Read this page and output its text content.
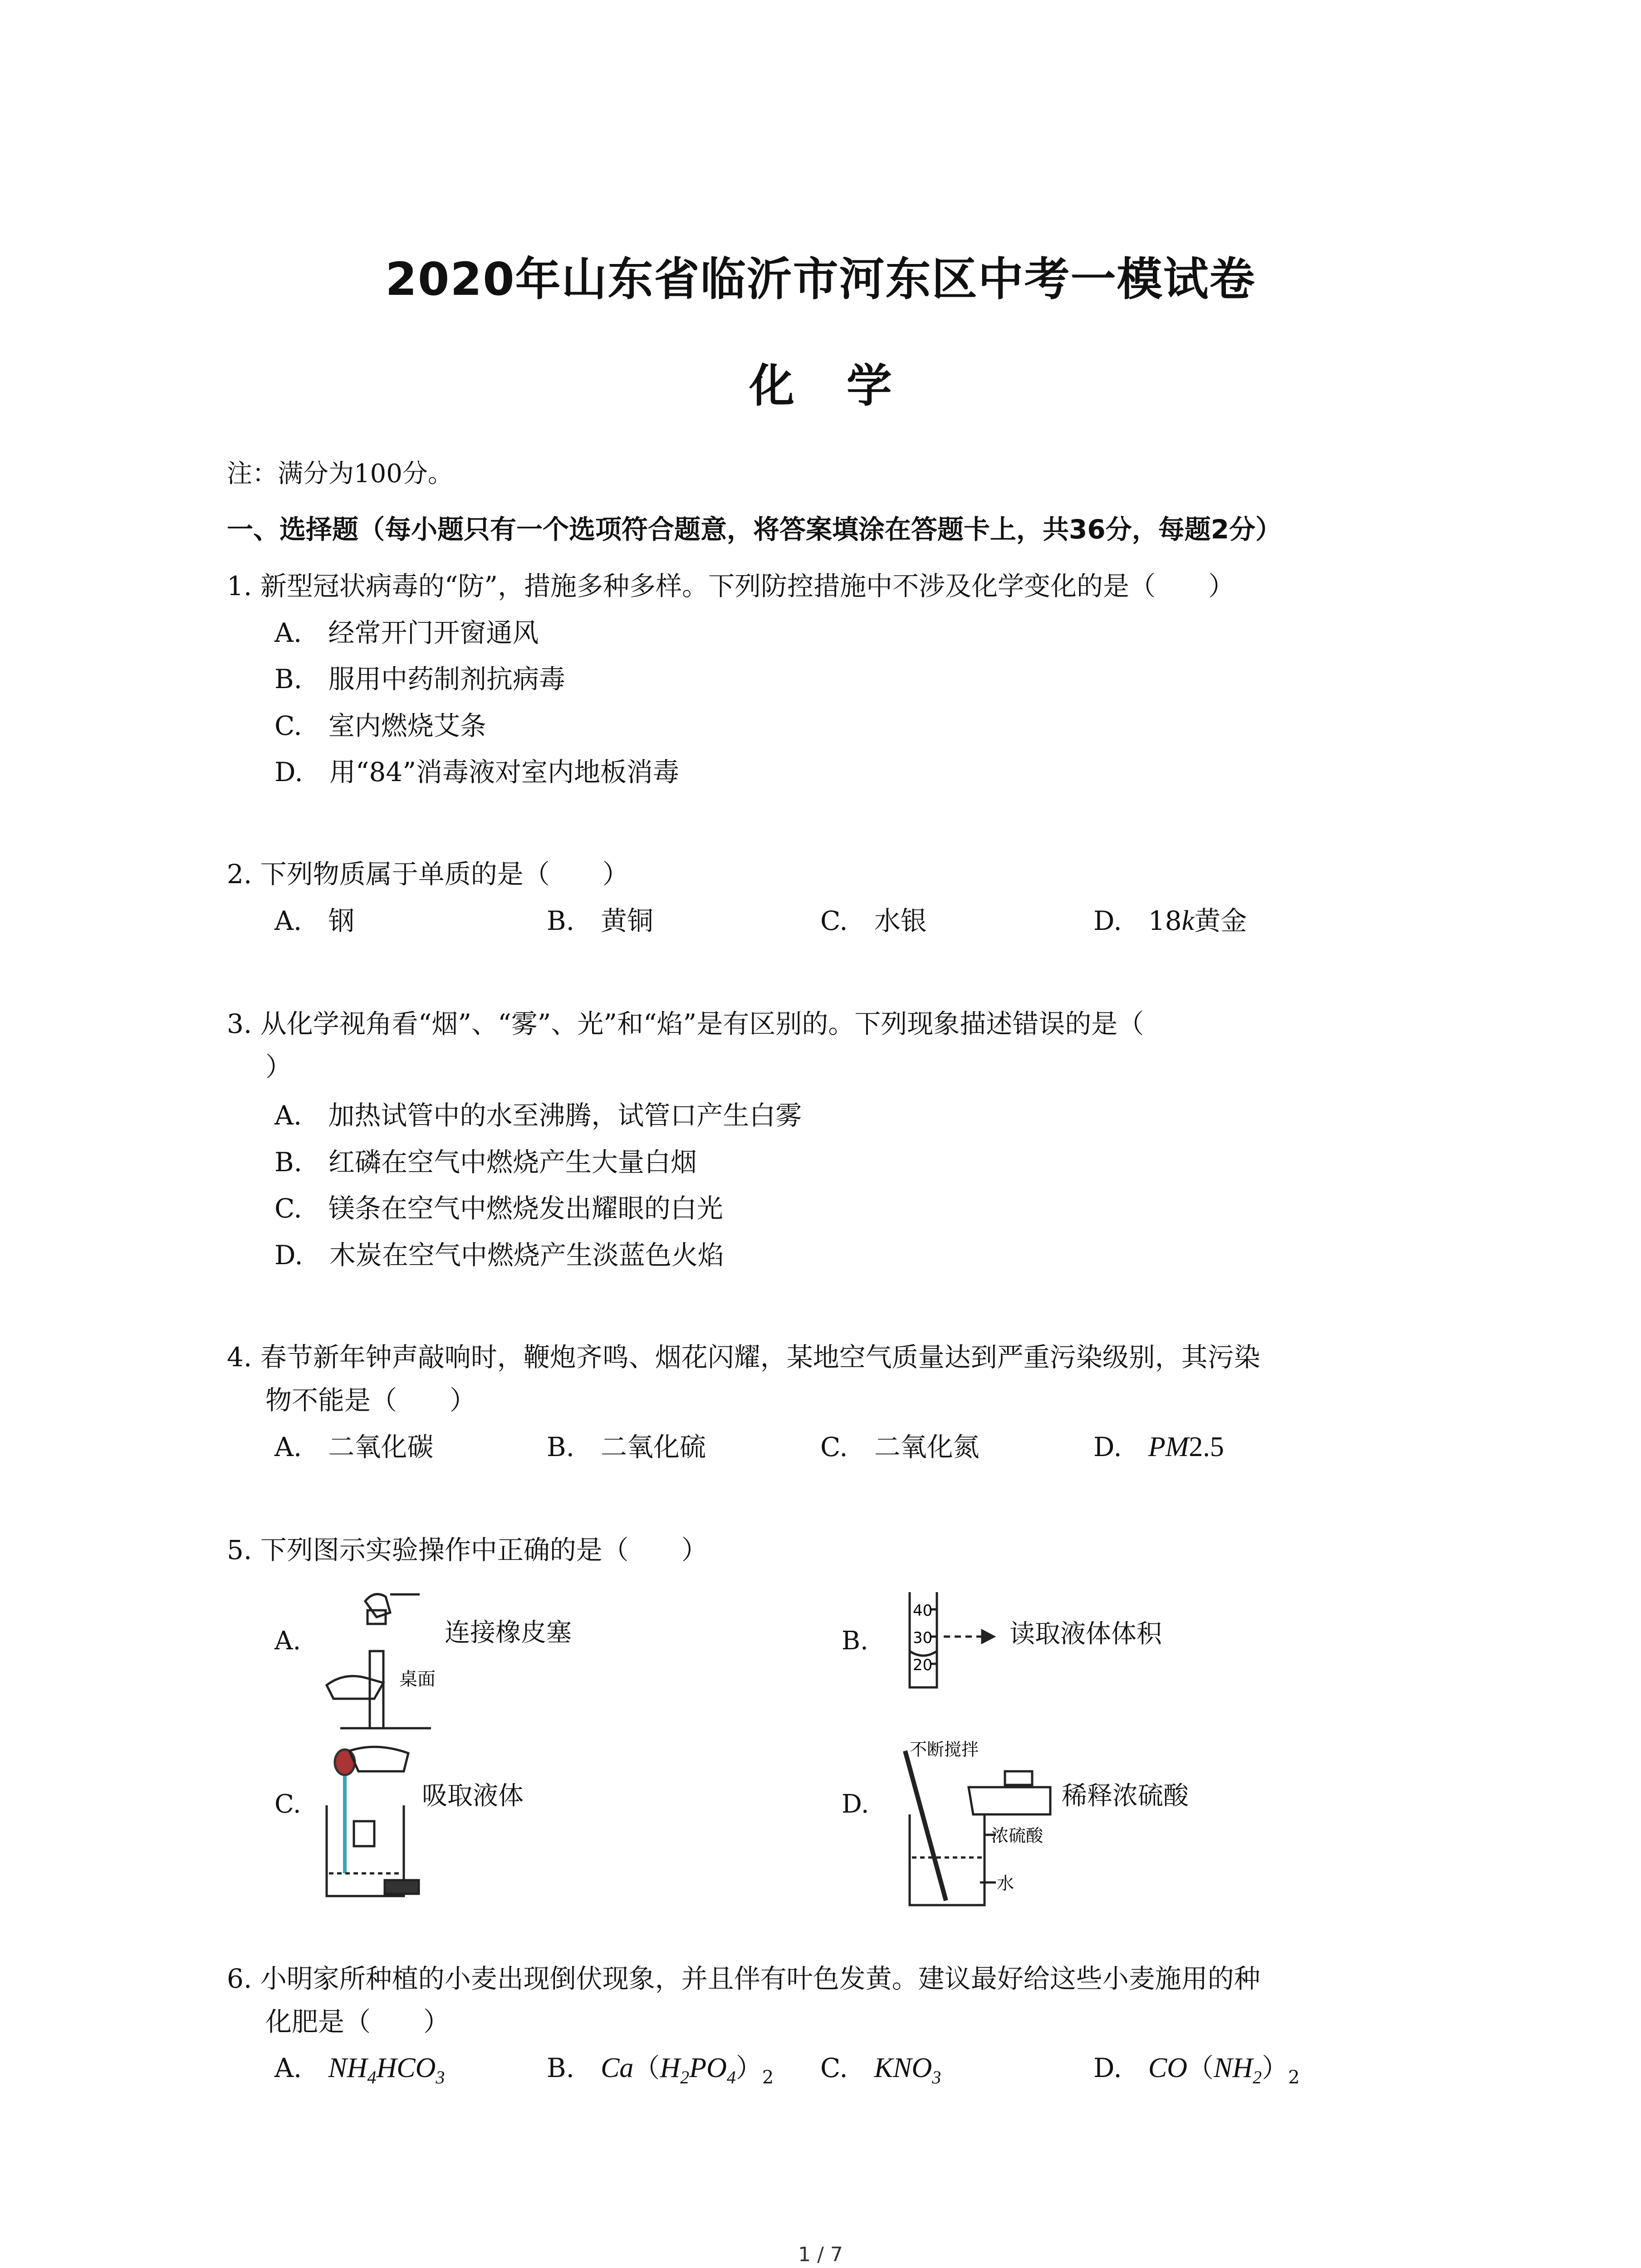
2020年山东省临沂市河东区中考一模试卷
化 学
注：满分为100分。
一、选择题（每小题只有一个选项符合题意，将答案填涂在答题卡上，共36分，每题2分）
1. 新型冠状病毒的“防”，措施多种多样。下列防控措施中不涉及化学变化的是（　　）
A.　经常开门开窗通风
B.　服用中药制剂抗病毒
C.　室内燃烧艾条
D.　用“84”消毒液对室内地板消毒
2. 下列物质属于单质的是（　　）
A.　钢	B.　黄铜	C.　水银	D.　18k黄金
3. 从化学视角看“烟”、“雾”、光”和“焰”是有区别的。下列现象描述错误的是（
）
A.　加热试管中的水至沸腾，试管口产生白雾
B.　红磷在空气中燃烧产生大量白烟
C.　镁条在空气中燃烧发出耀眼的白光
D.　木炭在空气中燃烧产生淡蓝色火焰
4. 春节新年钟声敲响时，鞭炮齐鸣、烟花闪耀，某地空气质量达到严重污染级别，其污染
物不能是（　　）
A.　二氧化碳	B.　二氧化硫	C.　二氧化氮	D.　PM2.5
5. 下列图示实验操作中正确的是（　　）
A.
桌面
连接橡皮塞	B.
40
30
20
读取液体体积
C.	吸取液体	D.
不断搅拌
浓硫酸
水
稀释浓硫酸
6. 小明家所种植的小麦出现倒伏现象，并且伴有叶色发黄。建议最好给这些小麦施用的种
化肥是（　　）
A.　$NH_4HCO_3$	B.　$Ca(H_2PO_4)_2$ C.　$KNO_3$	D.　$CO(NH_2)_2$
1 / 7
